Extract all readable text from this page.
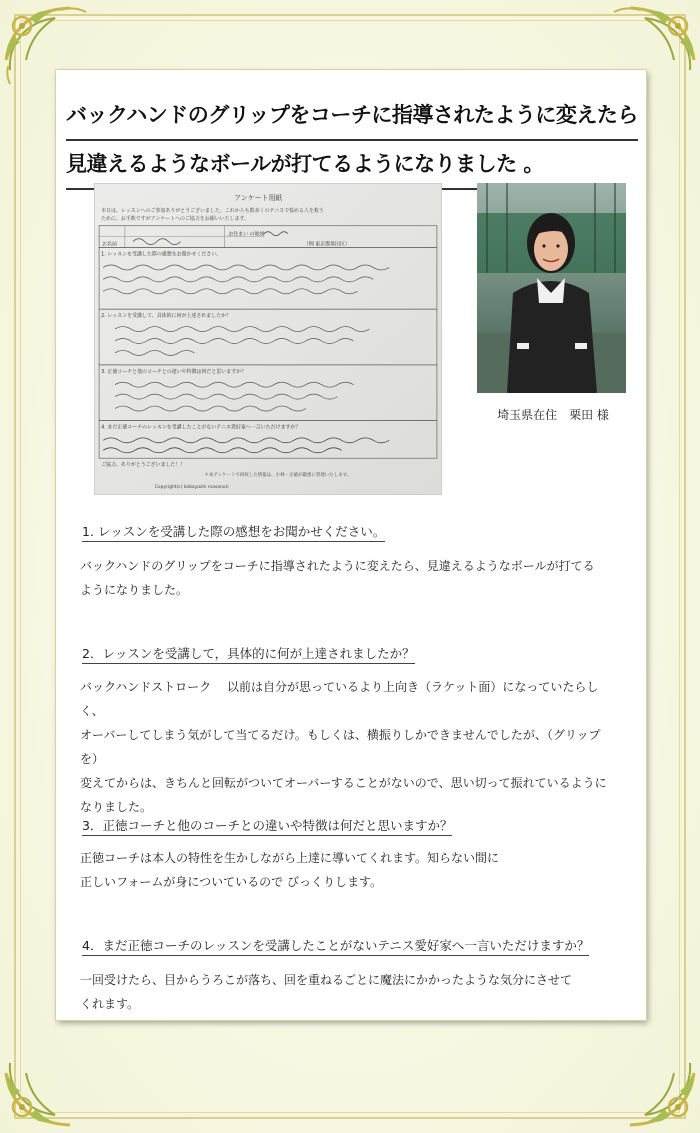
バックハンドのグリップをコーチに指導されたように変えたら
見違えるようなボールが打てるようになりました 。
アンケート用紙
本日は、レッスンへのご参加ありがとうございました。これからも数多くのテニスで悩める人を救う
ために、お手数ですがアンケートへのご協力をお願いいたします。
お名前
お住まい の地域
（例 東京都墨田区）
1. レッスンを受講した際の感想をお聞かせください。
2. レッスンを受講して、具体的に何が上達されましたか？
3. 正徳コーチと他のコーチとの違いや特徴は何だと思いますか？
4. まだ正徳コーチのレッスンを受講したことがないテニス愛好家へ一言いただけますか？
ご協力、ありがとうございました！！
＊本アンケートで回収した情報は、小林・正徳が厳重に管理いたします。
Copyright(c) kobayashi masanori
埼玉県在住　栗田 様
1. レッスンを受講した際の感想をお聞かせください。
バックハンドのグリップをコーチに指導されたように変えたら、見違えるようなボールが打てる
ようになりました。
2．レッスンを受講して，具体的に何が上達されましたか？
バックハンドストローク　 以前は自分が思っているより上向き（ラケット面）になっていたらしく、
オーバーしてしまう気がして当てるだけ。もしくは、横振りしかできませんでしたが、（グリップを）
変えてからは、きちんと回転がついてオーバーすることがないので、思い切って振れているように
なりました。
3．正徳コーチと他のコーチとの違いや特徴は何だと思いますか？
正徳コーチは本人の特性を生かしながら上達に導いてくれます。知らない間に
正しいフォームが身についているので びっくりします。
4．まだ正徳コーチのレッスンを受講したことがないテニス愛好家へ一言いただけますか？
一回受けたら、目からうろこが落ち、回を重ねるごとに魔法にかかったような気分にさせて
くれます。
